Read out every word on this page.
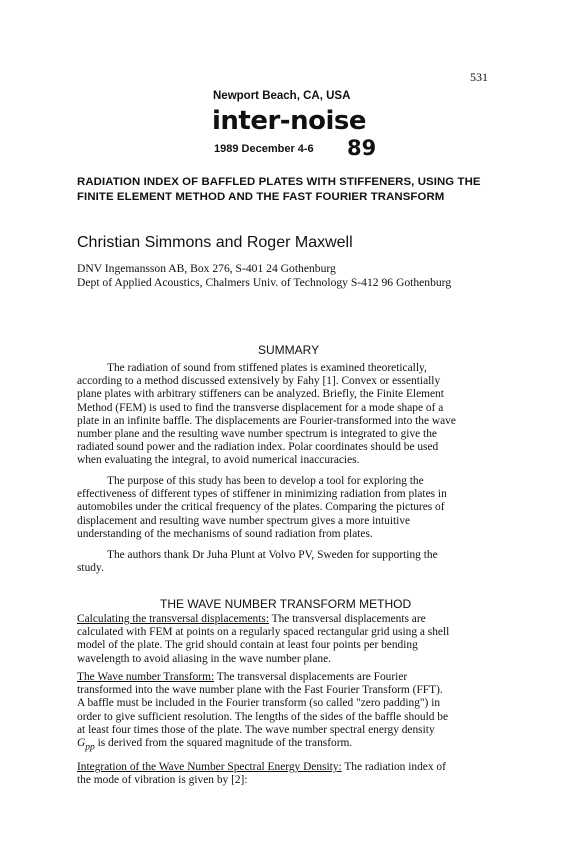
531
Newport Beach, CA, USA
inter-noise
1989 December 4-6 89
RADIATION INDEX OF BAFFLED PLATES WITH STIFFENERS, USING THE
FINITE ELEMENT METHOD AND THE FAST FOURIER TRANSFORM
Christian Simmons and Roger Maxwell
DNV Ingemansson AB, Box 276, S-401 24 Gothenburg
Dept of Applied Acoustics, Chalmers Univ. of Technology S-412 96 Gothenburg
SUMMARY

The radiation of sound from stiffened plates is examined theoretically,

according to a method discussed extensively by Fahy [1]. Convex or essentially

plane plates with arbitrary stiffeners can be analyzed. Briefly, the Finite Element

Method (FEM) is used to find the transverse displacement for a mode shape of a

plate in an infinite baffle. The displacements are Fourier-transformed into the wave

number plane and the resulting wave number spectrum is integrated to give the

radiated sound power and the radiation index. Polar coordinates should be used

when evaluating the integral, to avoid numerical inaccuracies.

The purpose of this study has been to develop a tool for exploring the

effectiveness of different types of stiffener in minimizing radiation from plates in

automobiles under the critical frequency of the plates. Comparing the pictures of

displacement and resulting wave number spectrum gives a more intuitive

understanding of the mechanisms of sound radiation from plates.

The authors thank Dr Juha Plunt at Volvo PV, Sweden for supporting the

study.

THE WAVE NUMBER TRANSFORM METHOD

Calculating the transversal displacements: The transversal displacements are

calculated with FEM at points on a regularly spaced rectangular grid using a shell

model of the plate. The grid should contain at least four points per bending

wavelength to avoid aliasing in the wave number plane.

The Wave number Transform: The transversal displacements are Fourier

transformed into the wave number plane with the Fast Fourier Transform (FFT).

A baffle must be included in the Fourier transform (so called "zero padding") in

order to give sufficient resolution. The lengths of the sides of the baffle should be

at least four times those of the plate. The wave number spectral energy density

$G_{pp}$ is derived from the squared magnitude of the transform.

Integration of the Wave Number Spectral Energy Density: The radiation index of

the mode of vibration is given by [2]:
